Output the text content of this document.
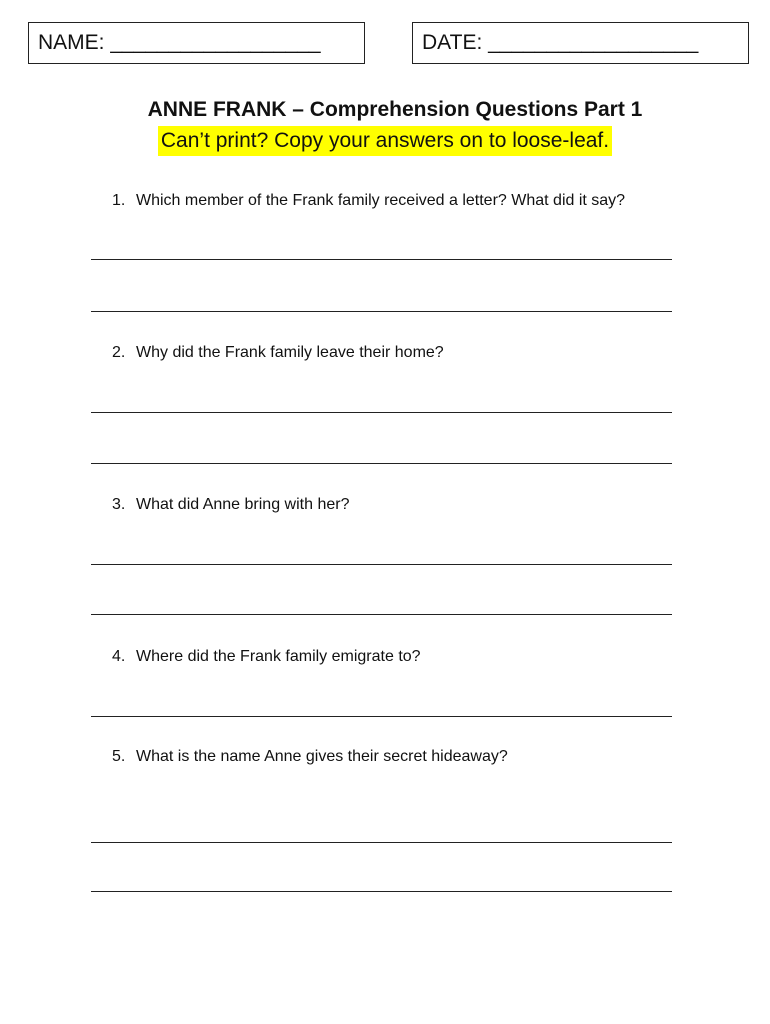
NAME: __________________	DATE: __________________
ANNE FRANK – Comprehension Questions Part 1
Can’t print? Copy your answers on to loose-leaf.
1. Which member of the Frank family received a letter? What did it say?
2. Why did the Frank family leave their home?
3. What did Anne bring with her?
4. Where did the Frank family emigrate to?
5. What is the name Anne gives their secret hideaway?
